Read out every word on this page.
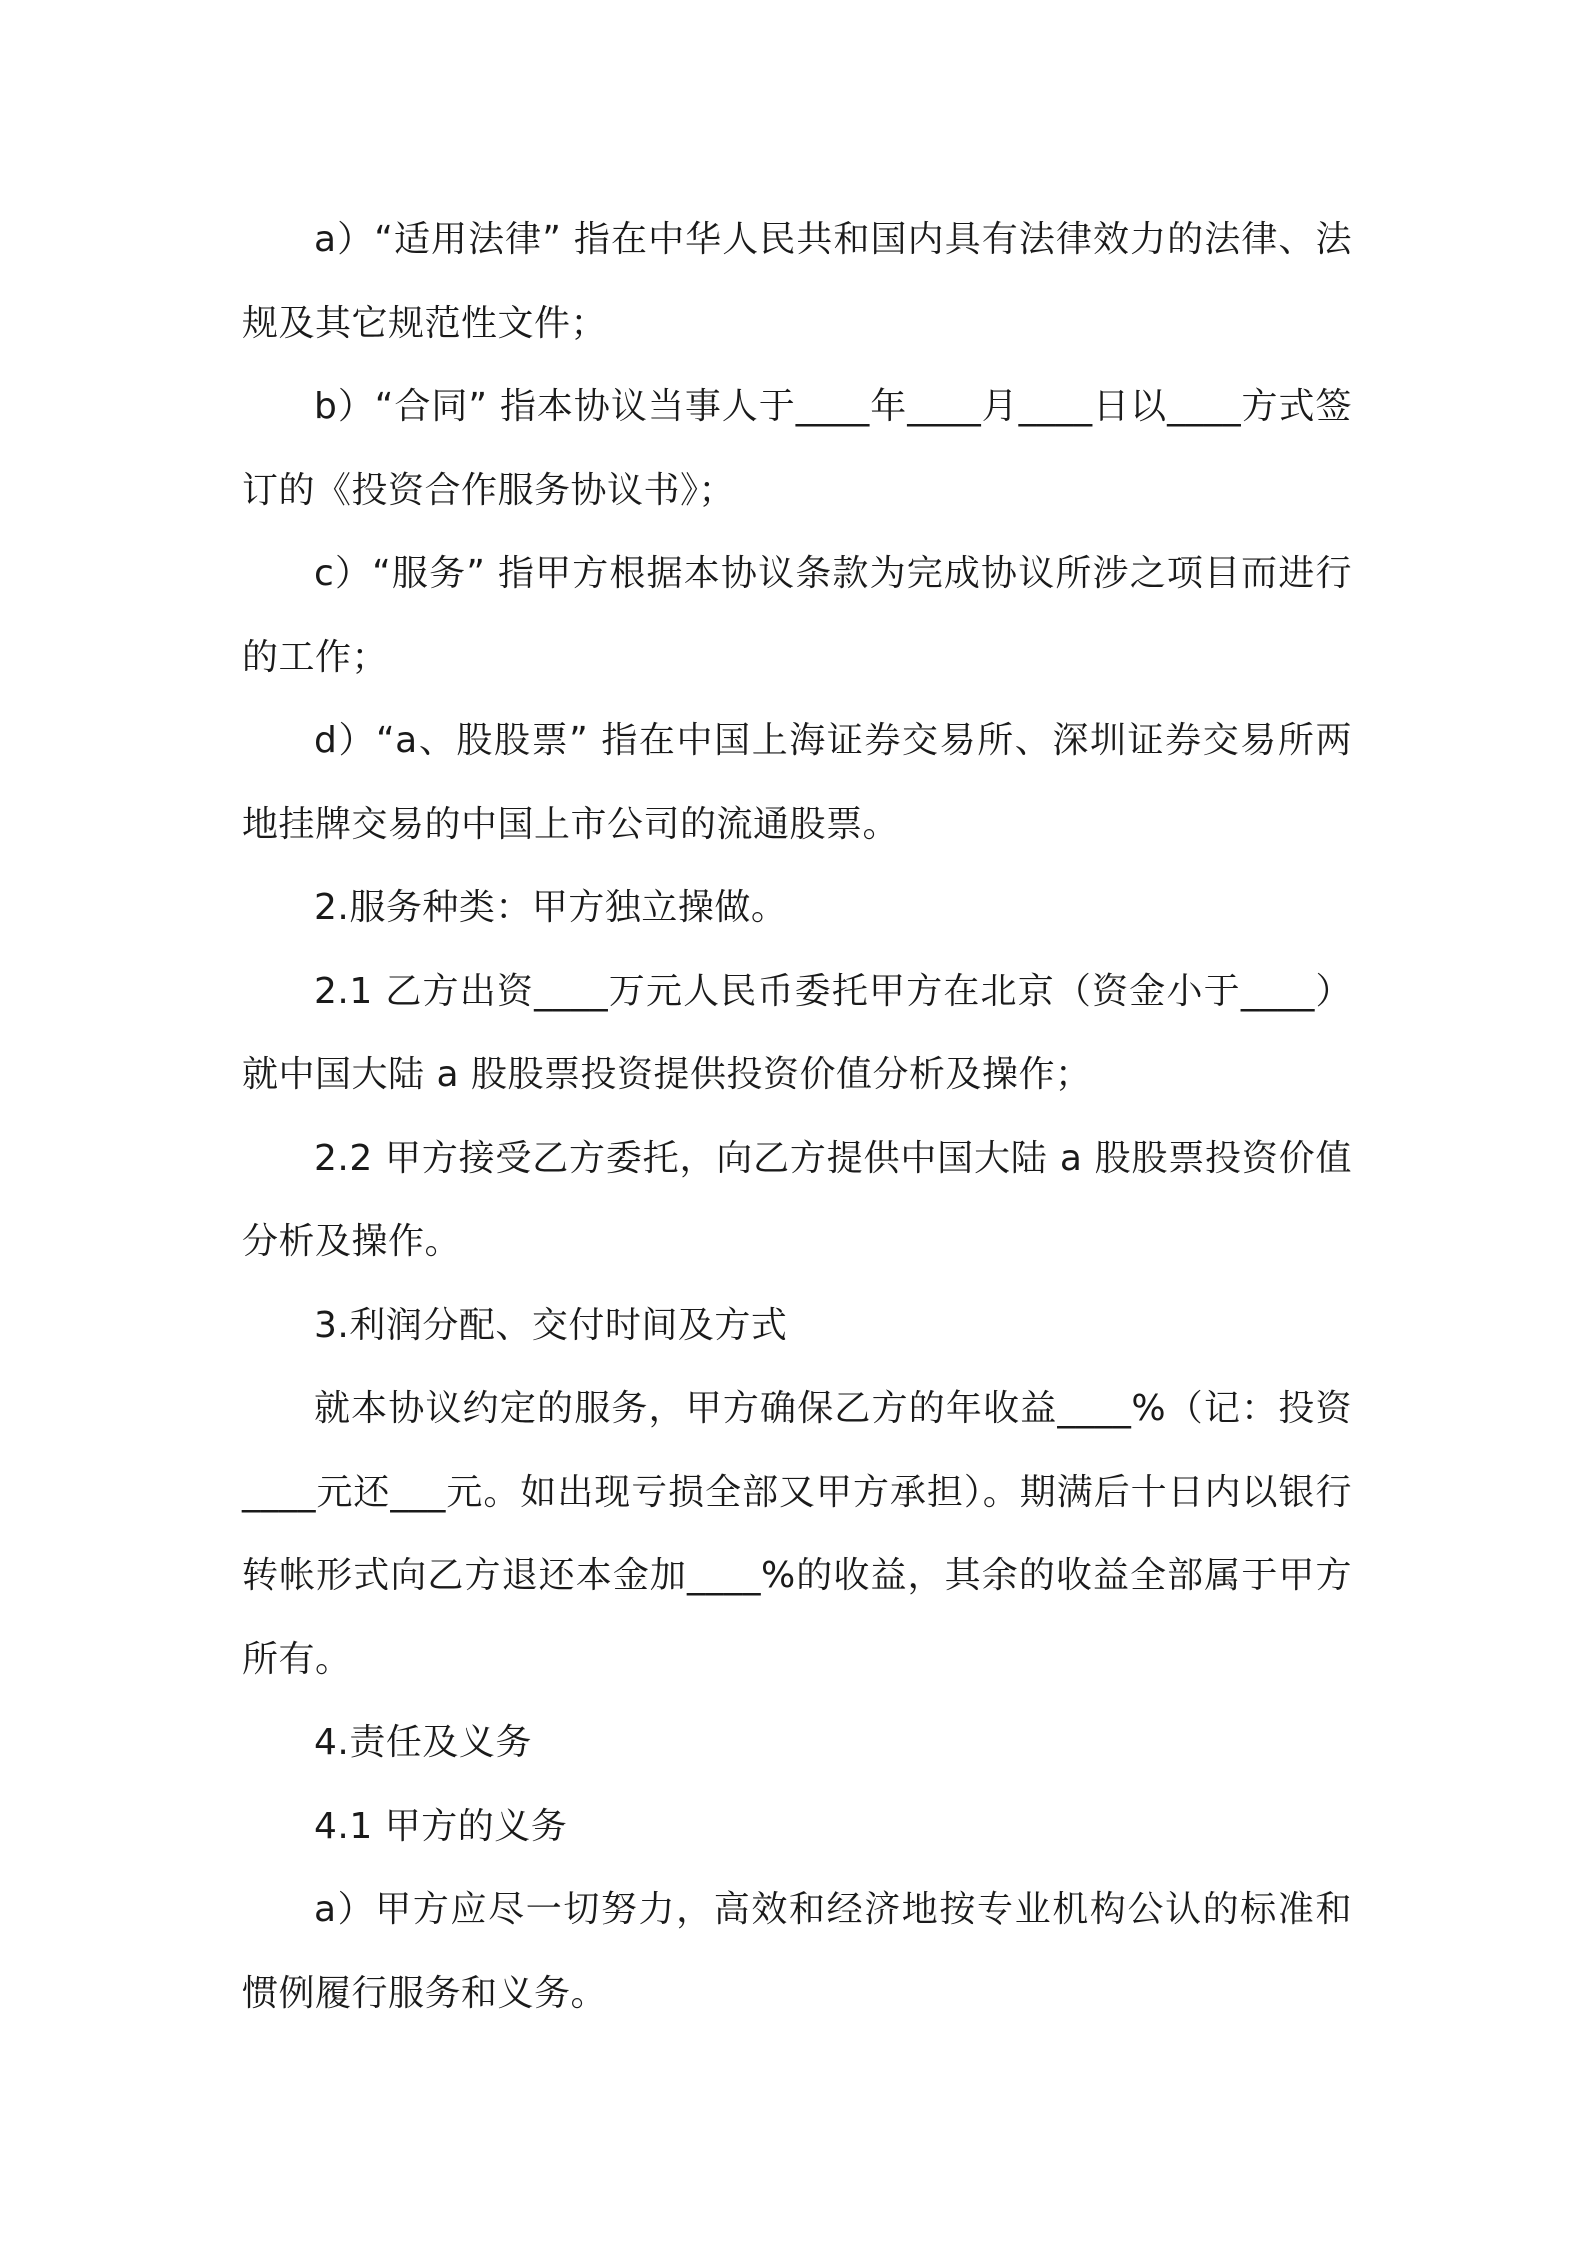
a）“适用法律” 指在中华人民共和国内具有法律效力的法律、法规及其它规范性文件；

b）“合同” 指本协议当事人于____年____月____日以____方式签订的《投资合作服务协议书》；

c）“服务” 指甲方根据本协议条款为完成协议所涉之项目而进行的工作；

d）“a、股股票” 指在中国上海证券交易所、深圳证券交易所两地挂牌交易的中国上市公司的流通股票。

2.服务种类：甲方独立操做。

2.1 乙方出资____万元人民币委托甲方在北京（资金小于____）就中国大陆 a 股股票投资提供投资价值分析及操作；

2.2 甲方接受乙方委托，向乙方提供中国大陆 a 股股票投资价值分析及操作。

3.利润分配、交付时间及方式

就本协议约定的服务，甲方确保乙方的年收益____%（记：投资____元还___元。如出现亏损全部又甲方承担）。期满后十日内以银行转帐形式向乙方退还本金加____%的收益，其余的收益全部属于甲方所有。

4.责任及义务

4.1 甲方的义务

a）甲方应尽一切努力，高效和经济地按专业机构公认的标准和惯例履行服务和义务。
